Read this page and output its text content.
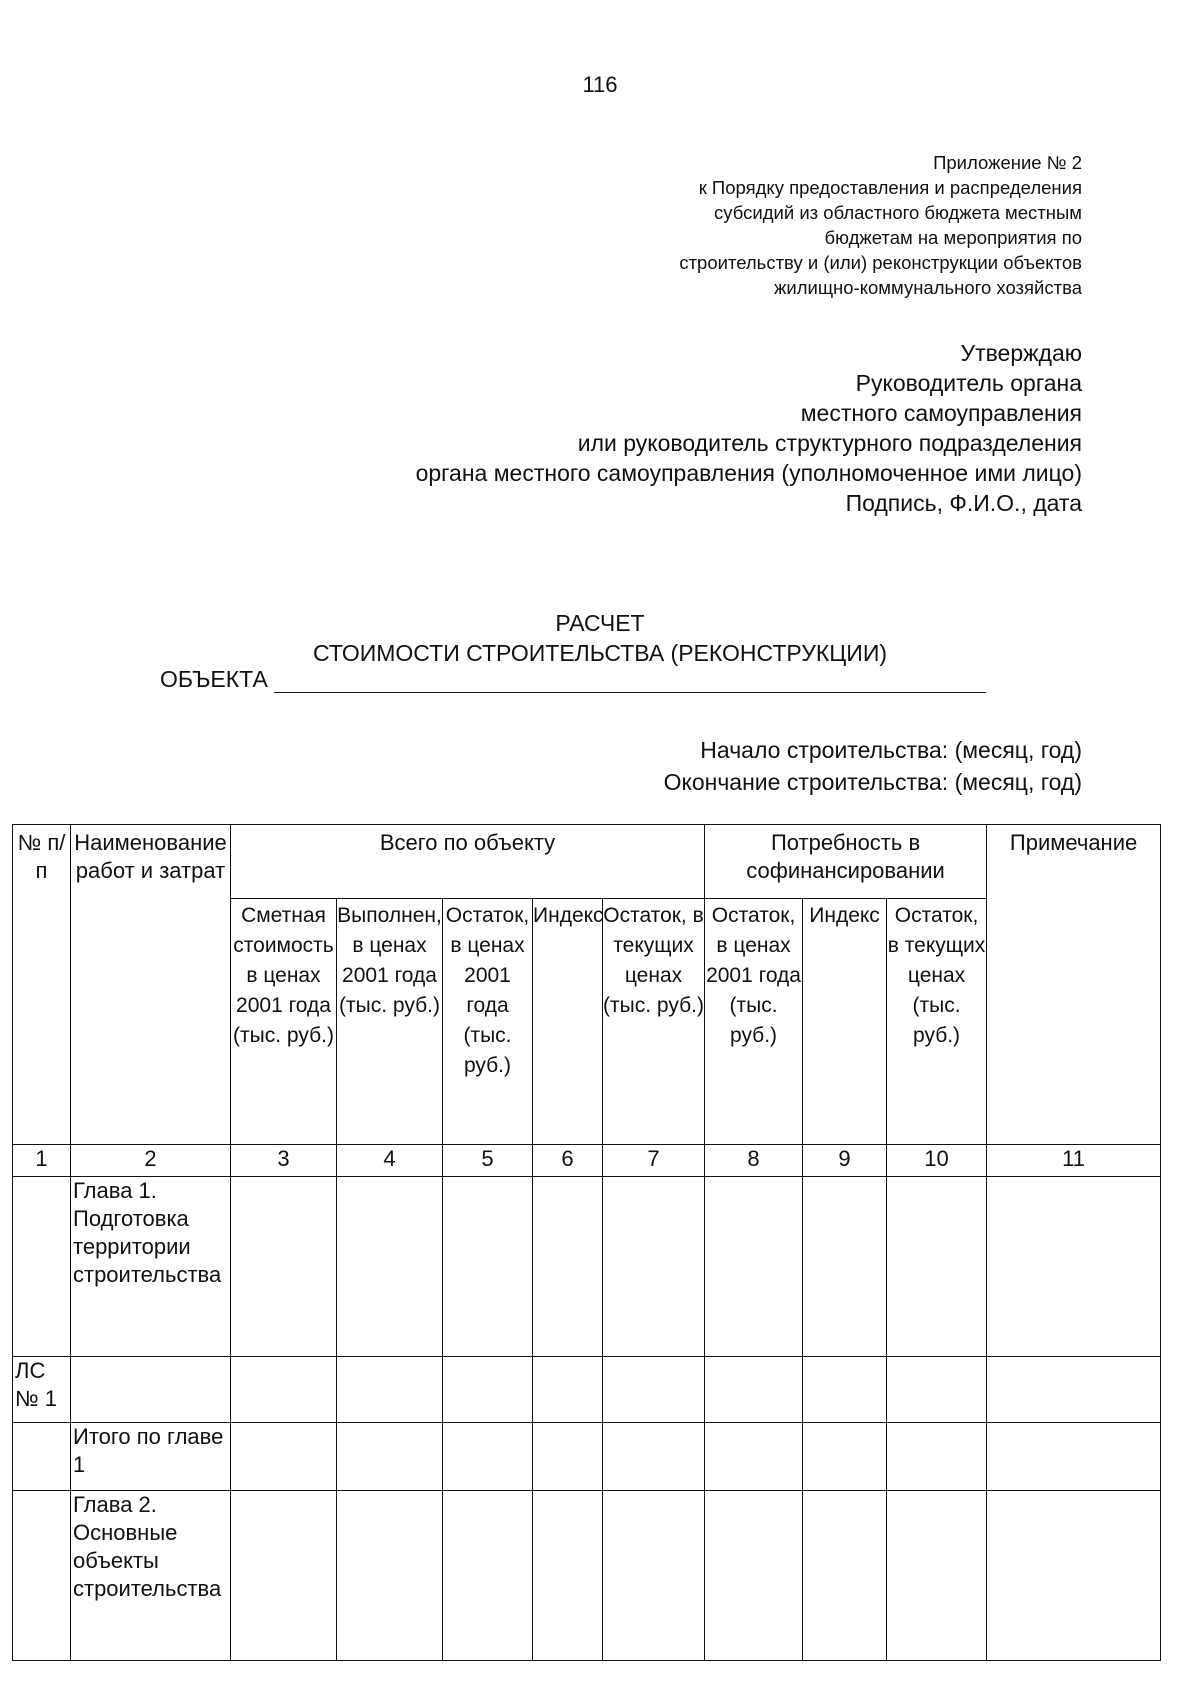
116
Приложение № 2
к Порядку предоставления и распределения
субсидий из областного бюджета местным
бюджетам на мероприятия по
строительству и (или) реконструкции объектов
жилищно-коммунального хозяйства
Утверждаю
Руководитель органа
местного самоуправления
или руководитель структурного подразделения
органа местного самоуправления (уполномоченное ими лицо)
Подпись, Ф.И.О., дата
РАСЧЕТ
СТОИМОСТИ СТРОИТЕЛЬСТВА (РЕКОНСТРУКЦИИ)
ОБЪЕКТА
Начало строительства: (месяц, год)
Окончание строительства: (месяц, год)
№ п/п	Наименование работ и затрат	Всего по объекту					Потребность в софинансировании			Примечание
		Сметная стоимость в ценах 2001 года (тыс. руб.)	Выполнен, в ценах 2001 года (тыс. руб.)	Остаток, в ценах 2001 года (тыс. руб.)	Индекс	Остаток, в текущих ценах (тыс. руб.)	Остаток, в ценах 2001 года (тыс. руб.)	Индекс	Остаток, в текущих ценах (тыс. руб.)	
1	2	3	4	5	6	7	8	9	10	11
	Глава 1. Подготовка территории строительства									
ЛС № 1										
	Итого по главе 1									
	Глава 2. Основные объекты строительства									
